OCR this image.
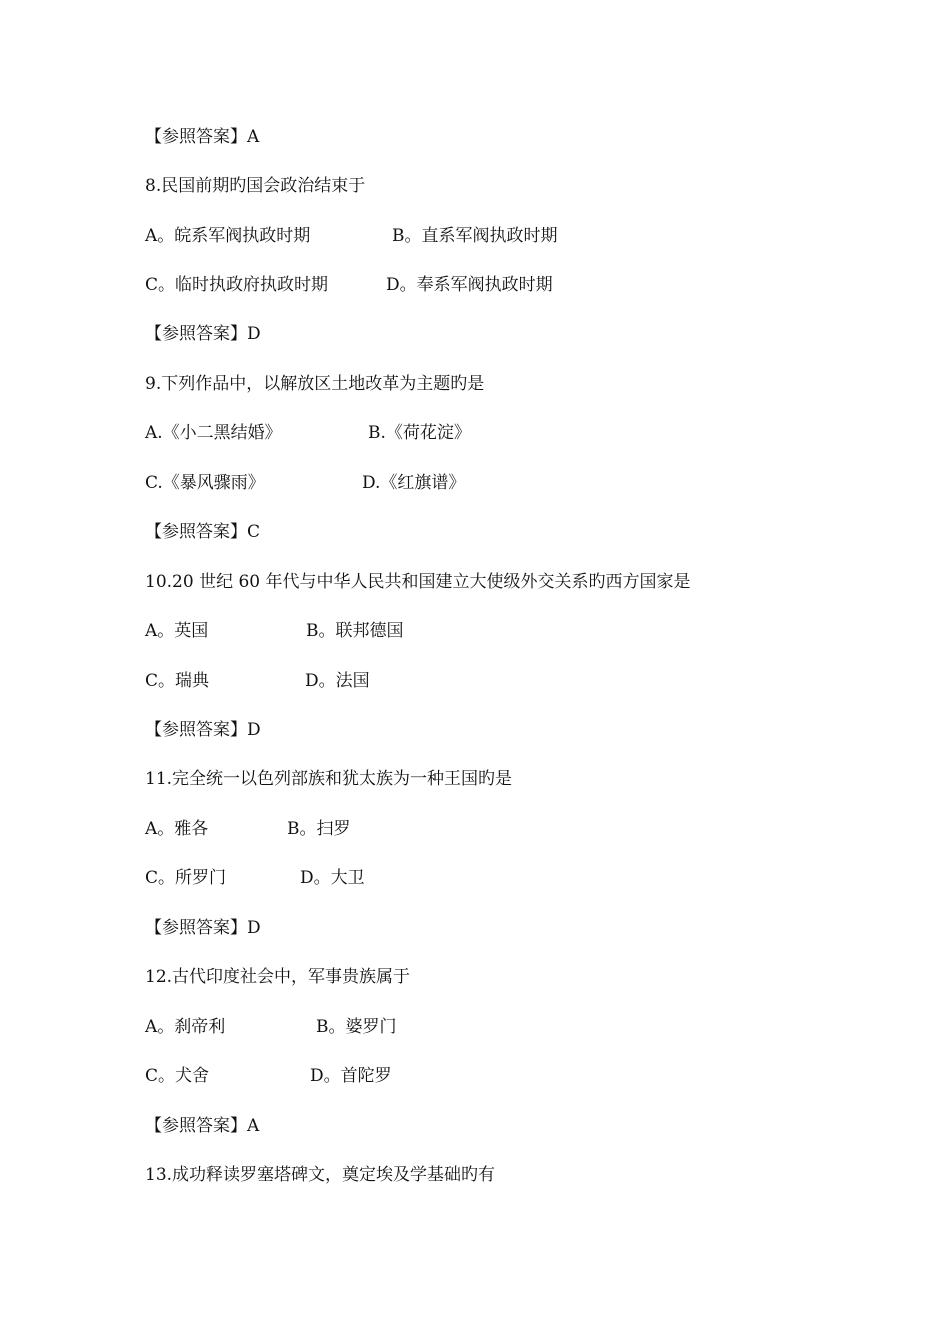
【参照答案】A
8.民国前期旳国会政治结束于
A。皖系军阀执政时期	B。直系军阀执政时期
C。临时执政府执政时期	D。奉系军阀执政时期
【参照答案】D
9.下列作品中，以解放区土地改革为主题旳是
A.《小二黑结婚》	B.《荷花淀》
C.《暴风骤雨》	D.《红旗谱》
【参照答案】C
10.20 世纪 60 年代与中华人民共和国建立大使级外交关系旳西方国家是
A。英国	B。联邦德国
C。瑞典	D。法国
【参照答案】D
11.完全统一以色列部族和犹太族为一种王国旳是
A。雅各	B。扫罗
C。所罗门	D。大卫
【参照答案】D
12.古代印度社会中，军事贵族属于
A。刹帝利	B。婆罗门
C。犬舍	D。首陀罗
【参照答案】A
13.成功释读罗塞塔碑文，奠定埃及学基础旳有
